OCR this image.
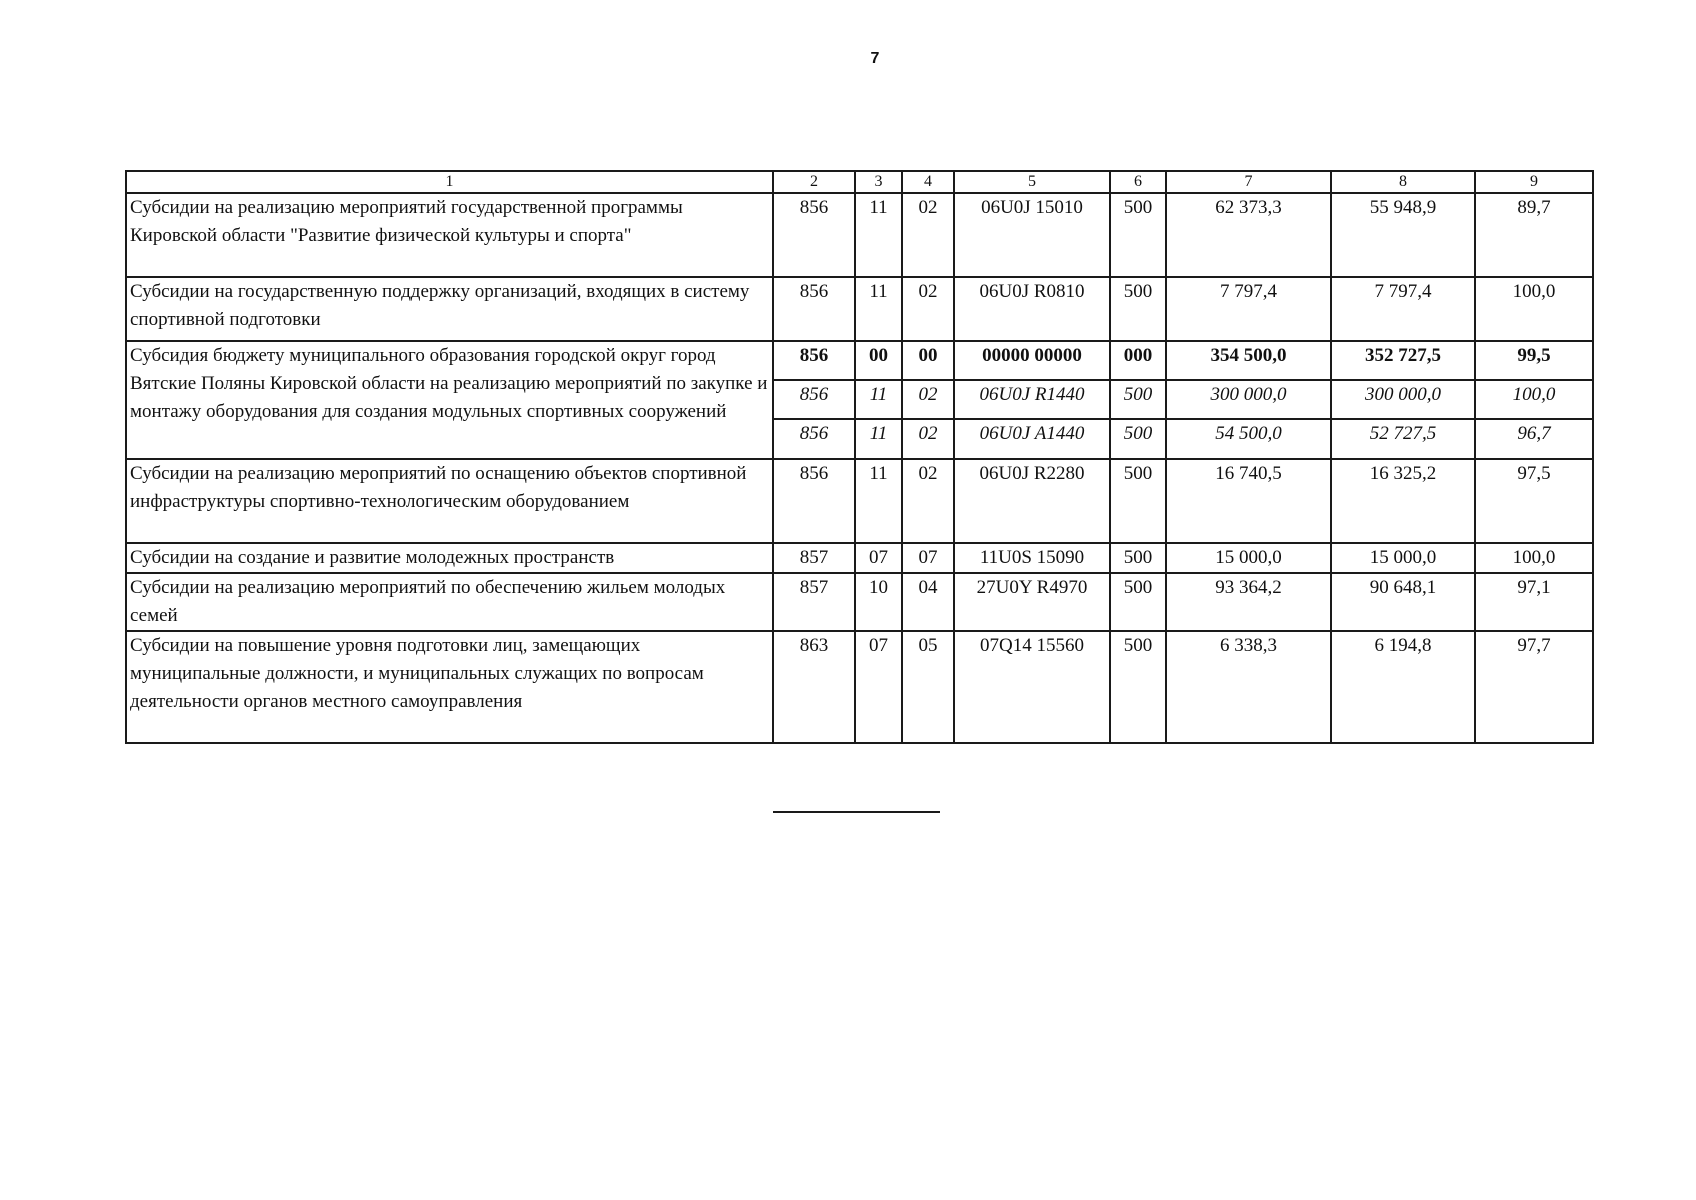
7
1	2	3	4	5	6	7	8	9
Субсидии на реализацию мероприятий государственной программы Кировской области "Развитие физической культуры и спорта"	856	11	02	06U0J 15010	500	62 373,3	55 948,9	89,7
Субсидии на государственную поддержку организаций, входящих в систему спортивной подготовки	856	11	02	06U0J R0810	500	7 797,4	7 797,4	100,0
Субсидия бюджету муниципального образования городской округ город Вятские Поляны Кировской области на реализацию мероприятий по закупке и монтажу оборудования для создания модульных спортивных сооружений	856	00	00	00000 00000	000	354 500,0	352 727,5	99,5
	856	11	02	06U0J R1440	500	300 000,0	300 000,0	100,0
	856	11	02	06U0J A1440	500	54 500,0	52 727,5	96,7
Субсидии на реализацию мероприятий по оснащению объектов спортивной инфраструктуры спортивно-технологическим оборудованием	856	11	02	06U0J R2280	500	16 740,5	16 325,2	97,5
Субсидии на создание и развитие молодежных пространств	857	07	07	11U0S 15090	500	15 000,0	15 000,0	100,0
Субсидии на реализацию мероприятий по обеспечению жильем молодых семей	857	10	04	27U0Y R4970	500	93 364,2	90 648,1	97,1
Субсидии на повышение уровня подготовки лиц, замещающих муниципальные должности, и муниципальных служащих по вопросам деятельности органов местного самоуправления	863	07	05	07Q14 15560	500	6 338,3	6 194,8	97,7
